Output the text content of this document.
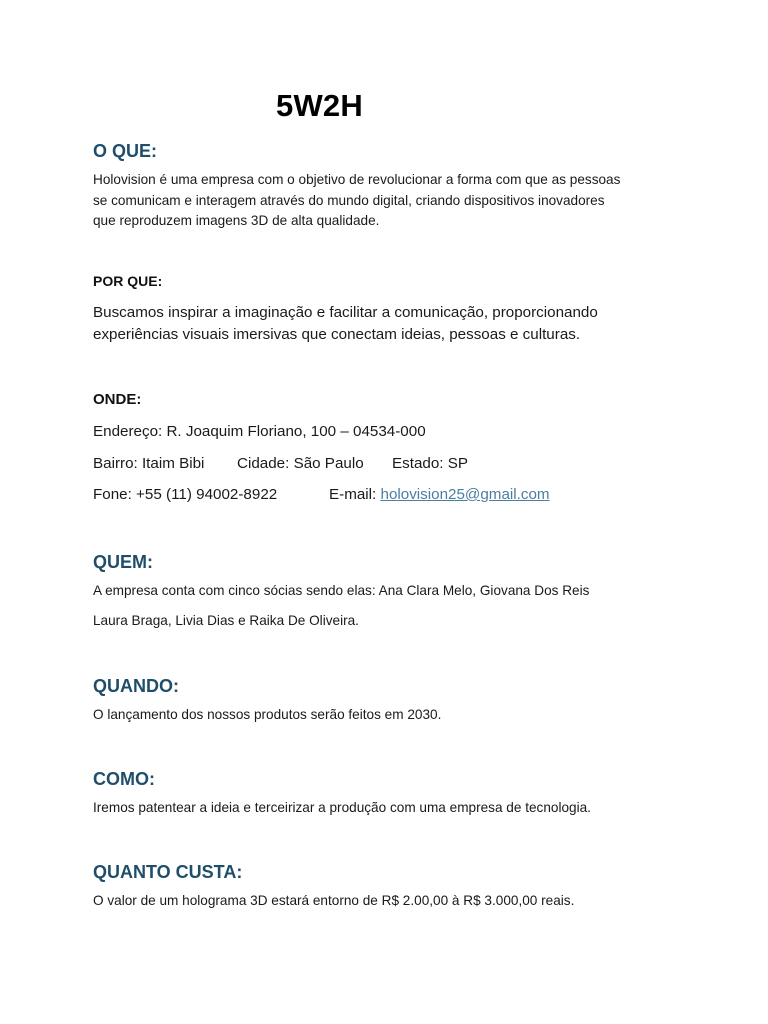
5W2H
O QUE:
Holovision é uma empresa com o objetivo de revolucionar a forma com que as pessoas
se comunicam e interagem através do mundo digital, criando dispositivos inovadores
que reproduzem imagens 3D de alta qualidade.
POR QUE:
Buscamos inspirar a imaginação e facilitar a comunicação, proporcionando
experiências visuais imersivas que conectam ideias, pessoas e culturas.
ONDE:
Endereço: R. Joaquim Floriano, 100 – 04534-000
Bairro: Itaim Bibi Cidade: São Paulo Estado: SP
Fone: +55 (11) 94002-8922	E-mail: holovision25@gmail.com
QUEM:
A empresa conta com cinco sócias sendo elas: Ana Clara Melo, Giovana Dos Reis
Laura Braga, Livia Dias e Raika De Oliveira.
QUANDO:
O lançamento dos nossos produtos serão feitos em 2030.
COMO:
Iremos patentear a ideia e terceirizar a produção com uma empresa de tecnologia.
QUANTO CUSTA:
O valor de um holograma 3D estará entorno de R$ 2.00,00 à R$ 3.000,00 reais.
